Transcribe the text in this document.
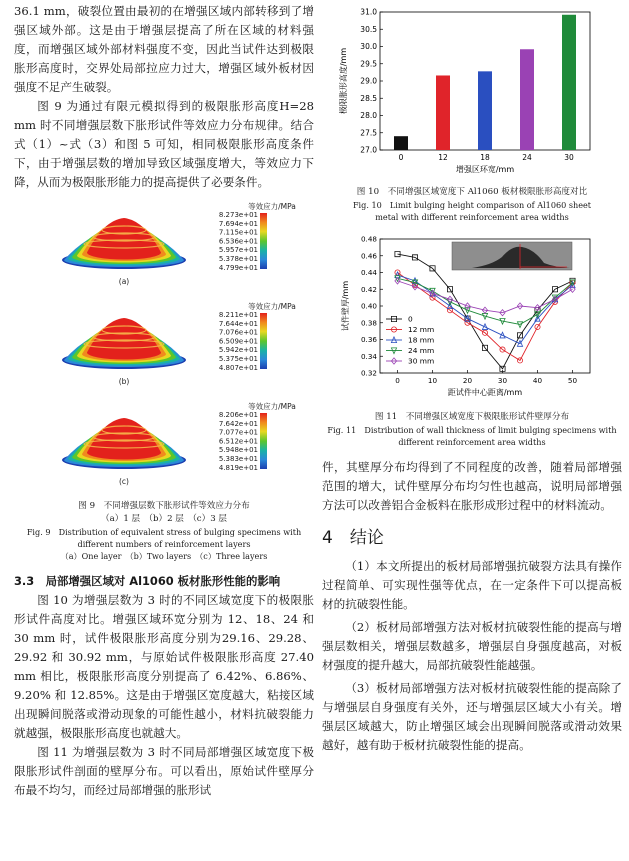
36.1 mm，破裂位置由最初的在增强区域内部转移到了增强区域外部。这是由于增强层提高了所在区域的材料强度，而增强区域外部材料强度不变，因此当试件达到极限胀形高度时，交界处局部拉应力过大，增强区域外板材因强度不足产生破裂。

图 9 为通过有限元模拟得到的极限胀形高度H=28 mm 时不同增强层数下胀形试件等效应力分布规律。结合式（1）~式（3）和图 5 可知，相同极限胀形高度条件下，由于增强层数的增加导致区域强度增大，等效应力下降，从而为极限胀形能力的提高提供了必要条件。

等效应力/MPa
8.273e+01
7.694e+01
7.115e+01
6.536e+01
5.957e+01
5.378e+01
4.799e+01
(a)
等效应力/MPa
8.211e+01
7.644e+01
7.076e+01
6.509e+01
5.942e+01
5.375e+01
4.807e+01
(b)
等效应力/MPa
8.206e+01
7.642e+01
7.077e+01
6.512e+01
5.948e+01
5.383e+01
4.819e+01
(c)

图 9　不同增强层数下胀形试件等效应力分布

（a）1 层　（b）2 层　（c）3 层

Fig. 9　Distribution of equivalent stress of bulging specimens with

different numbers of reinforcement layers

（a）One layer　（b）Two layers　（c）Three layers

3.3　局部增强区域对 Al1060 板材胀形性能的影响

图 10 为增强层数为 3 时的不同区域宽度下的极限胀形试件高度对比。增强区域环宽分别为 12、18、24 和 30 mm 时，试件极限胀形高度分别为29.16、29.28、29.92 和 30.92 mm，与原始试件极限胀形高度 27.40 mm 相比，极限胀形高度分别提高了 6.42%、6.86%、9.20% 和 12.85%。这是由于增强区宽度越大，粘接区域出现瞬间脱落或滑动现象的可能性越小，材料抗破裂能力就越强，极限胀形高度也就越大。

图 11 为增强层数为 3 时不同局部增强区域宽度下极限胀形试件剖面的壁厚分布。可以看出，原始试件壁厚分布最不均匀，而经过局部增强的胀形试

27.0
27.5
28.0
28.5
29.0
29.5
30.0
30.5
31.0
0	12	18	24	30
增强区环宽/mm
极限胀形高度/mm

图 10　不同增强区域宽度下 Al1060 板材极限胀形高度对比

Fig. 10　Limit bulging height comparison of Al1060 sheet

metal with different reinforcement area widths

0.32
0.34
0.36
0.38
0.40
0.42
0.44
0.46
0.48
0	10	20	30	40	50
0
12 mm
18 mm
24 mm
30 mm
距试件中心距离/mm
试件壁厚/mm

图 11　不同增强区域宽度下极限胀形试件壁厚分布

Fig. 11　Distribution of wall thickness of limit bulging specimens with

different reinforcement area widths

件，其壁厚分布均得到了不同程度的改善，随着局部增强范围的增大，试件壁厚分布均匀性也越高，说明局部增强方法可以改善铝合金板料在胀形成形过程中的材料流动。

4　结论

（1）本文所提出的板材局部增强抗破裂方法具有操作过程简单、可实现性强等优点，在一定条件下可以提高板材的抗破裂性能。

（2）板材局部增强方法对板材抗破裂性能的提高与增强层数相关，增强层数越多，增强层自身强度越高，对板材强度的提升越大，局部抗破裂性能越强。

（3）板材局部增强方法对板材抗破裂性能的提高除了与增强层自身强度有关外，还与增强层区域大小有关。增强层区域越大，防止增强区域会出现瞬间脱落或滑动效果越好，越有助于板材抗破裂性能的提高。
